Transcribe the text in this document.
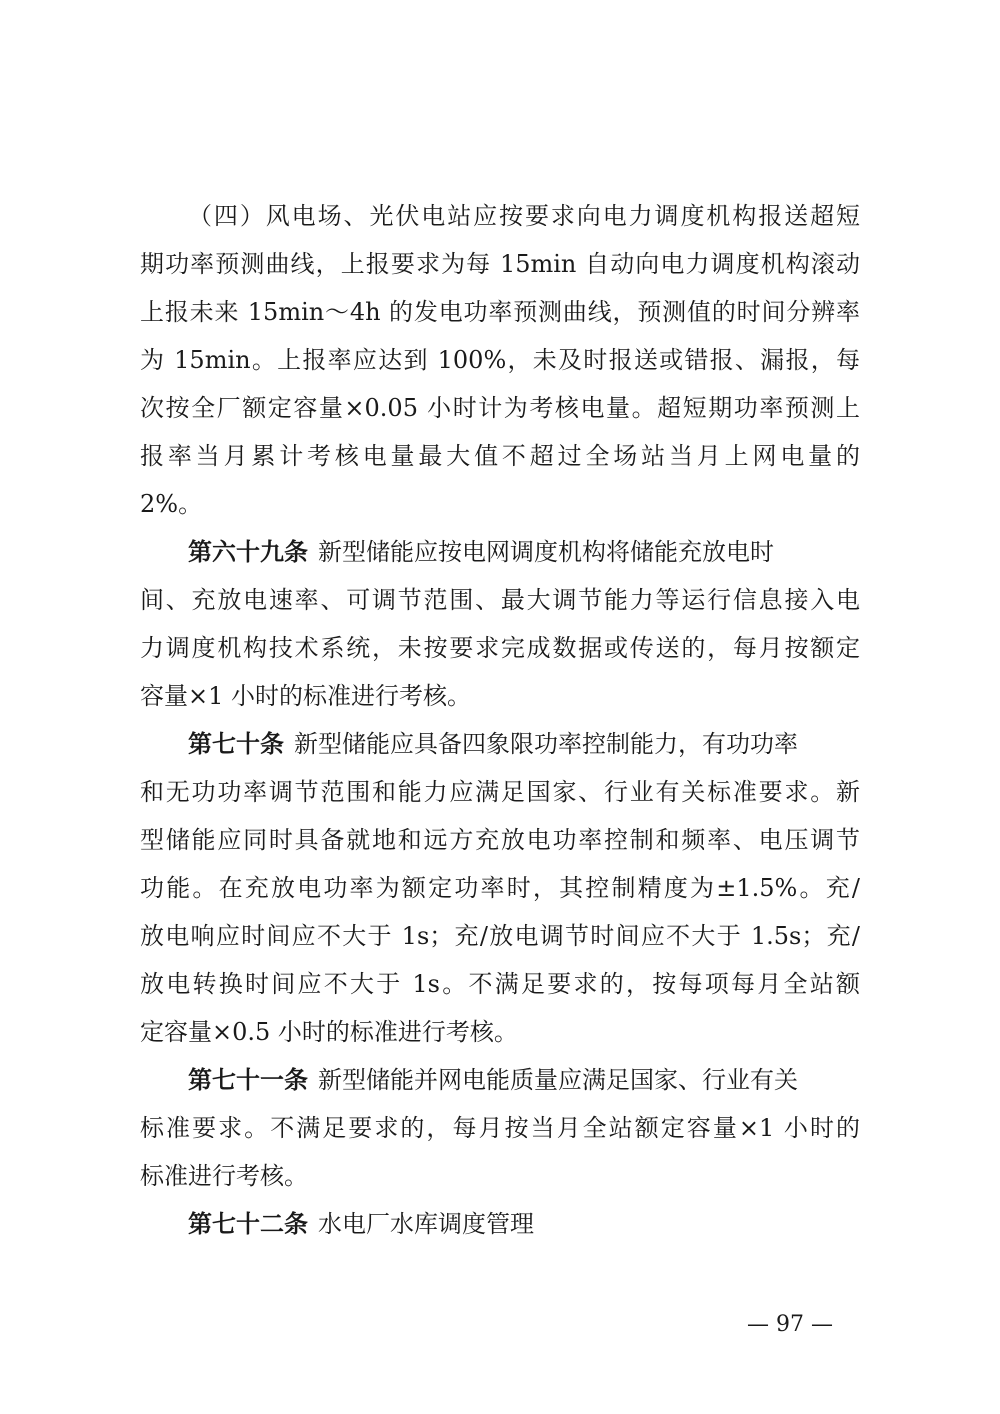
（四）风电场、光伏电站应按要求向电力调度机构报送超短
期功率预测曲线，上报要求为每 15min 自动向电力调度机构滚动
上报未来 15min～4h 的发电功率预测曲线，预测值的时间分辨率
为 15min。上报率应达到 100%，未及时报送或错报、漏报，每
次按全厂额定容量×0.05 小时计为考核电量。超短期功率预测上
报率当月累计考核电量最大值不超过全场站当月上网电量的
2%。
第六十九条 新型储能应按电网调度机构将储能充放电时
间、充放电速率、可调节范围、最大调节能力等运行信息接入电
力调度机构技术系统，未按要求完成数据或传送的，每月按额定
容量×1 小时的标准进行考核。
第七十条 新型储能应具备四象限功率控制能力，有功功率
和无功功率调节范围和能力应满足国家、行业有关标准要求。新
型储能应同时具备就地和远方充放电功率控制和频率、电压调节
功能。在充放电功率为额定功率时，其控制精度为±1.5%。充/
放电响应时间应不大于 1s；充/放电调节时间应不大于 1.5s；充/
放电转换时间应不大于 1s。不满足要求的，按每项每月全站额
定容量×0.5 小时的标准进行考核。
第七十一条 新型储能并网电能质量应满足国家、行业有关
标准要求。不满足要求的，每月按当月全站额定容量×1 小时的
标准进行考核。
第七十二条 水电厂水库调度管理
— 97 —
